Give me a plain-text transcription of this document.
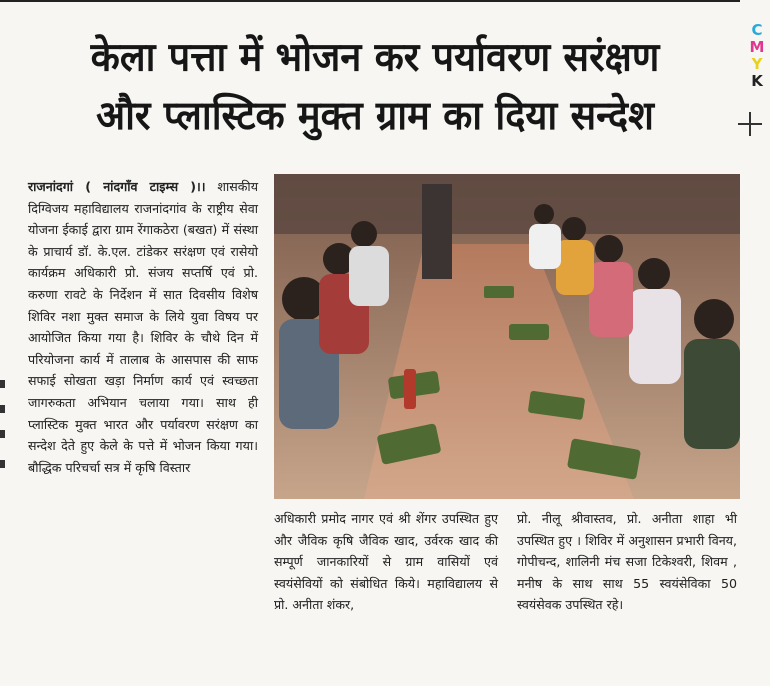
केला पत्ता में भोजन कर पर्यावरण सरंक्षण
और प्लास्टिक मुक्त ग्राम का दिया सन्देश
C
M
Y
K
राजनांदगां ( नांदगाँव टाइम्स )।। शासकीय दिग्विजय महाविद्यालय राजनांदगांव के राष्ट्रीय सेवा योजना ईकाई द्वारा ग्राम रेंगाकठेरा (बखत) में संस्था के प्राचार्य डॉ. के.एल. टांडेकर सरंक्षण एवं रासेयो कार्यक्रम अधिकारी प्रो. संजय सप्तर्षि एवं प्रो. करुणा रावटे के निर्देशन में सात दिवसीय विशेष शिविर नशा मुक्त समाज के लिये युवा विषय पर आयोजित किया गया है। शिविर के चौथे दिन में परियोजना कार्य में तालाब के आसपास की साफ सफाई सोखता खड़ा निर्माण कार्य एवं स्वच्छता जागरुकता अभियान चलाया गया। साथ ही प्लास्टिक मुक्त भारत और पर्यावरण सरंक्षण का सन्देश देते हुए केले के पत्ते में भोजन किया गया। बौद्धिक परिचर्चा सत्र में कृषि विस्तार
अधिकारी प्रमोद नागर एवं श्री शेंगर उपस्थित हुए और जैविक कृषि जैविक खाद, उर्वरक खाद की सम्पूर्ण जानकारियों से ग्राम वासियों एवं स्वयंसेवियों को संबोधित किये। महाविद्यालय से प्रो. अनीता शंकर,
प्रो. नीलू श्रीवास्तव, प्रो. अनीता शाहा भी उपस्थित हुए । शिविर में अनुशासन प्रभारी विनय, गोपीचन्द, शालिनी मंच सजा टिकेश्वरी, शिवम , मनीष के साथ साथ 55 स्वयंसेविका 50 स्वयंसेवक उपस्थित रहे।
